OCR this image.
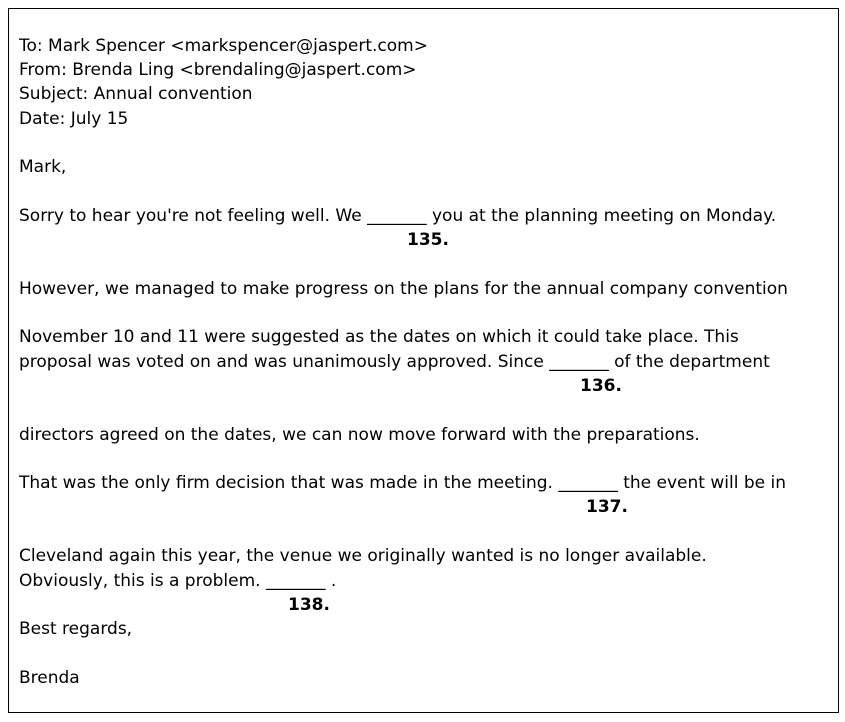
To: Mark Spencer <markspencer@jaspert.com>
From: Brenda Ling <brendaling@jaspert.com>
Subject: Annual convention
Date: July 15
Mark,
Sorry to hear you're not feeling well. We _______ you at the planning meeting on Monday.
135.
However, we managed to make progress on the plans for the annual company convention
November 10 and 11 were suggested as the dates on which it could take place. This
proposal was voted on and was unanimously approved. Since _______ of the department
136.
directors agreed on the dates, we can now move forward with the preparations.
That was the only firm decision that was made in the meeting. _______ the event will be in
137.
Cleveland again this year, the venue we originally wanted is no longer available.
Obviously, this is a problem. _______ .
138.
Best regards,
Brenda
